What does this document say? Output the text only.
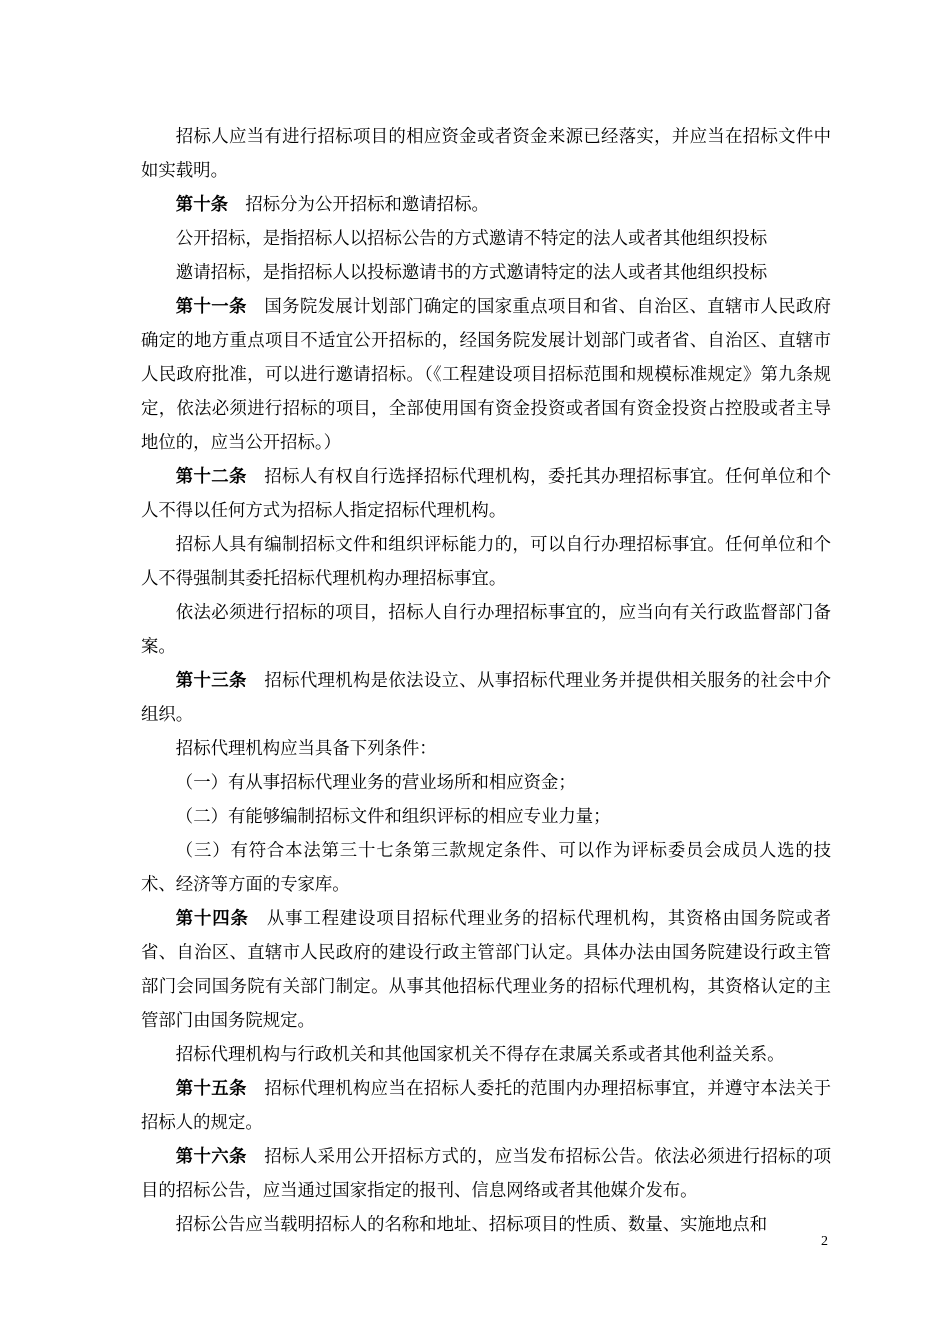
招标人应当有进行招标项目的相应资金或者资金来源已经落实，并应当在招标文件中如实载明。

第十条 招标分为公开招标和邀请招标。

公开招标，是指招标人以招标公告的方式邀请不特定的法人或者其他组织投标

邀请招标，是指招标人以投标邀请书的方式邀请特定的法人或者其他组织投标

第十一条 国务院发展计划部门确定的国家重点项目和省、自治区、直辖市人民政府确定的地方重点项目不适宜公开招标的，经国务院发展计划部门或者省、自治区、直辖市人民政府批准，可以进行邀请招标。（《工程建设项目招标范围和规模标准规定》第九条规定，依法必须进行招标的项目，全部使用国有资金投资或者国有资金投资占控股或者主导地位的，应当公开招标。）

第十二条 招标人有权自行选择招标代理机构，委托其办理招标事宜。任何单位和个人不得以任何方式为招标人指定招标代理机构。

招标人具有编制招标文件和组织评标能力的，可以自行办理招标事宜。任何单位和个人不得强制其委托招标代理机构办理招标事宜。

依法必须进行招标的项目，招标人自行办理招标事宜的，应当向有关行政监督部门备案。

第十三条 招标代理机构是依法设立、从事招标代理业务并提供相关服务的社会中介组织。

招标代理机构应当具备下列条件：

（一）有从事招标代理业务的营业场所和相应资金；

（二）有能够编制招标文件和组织评标的相应专业力量；

（三）有符合本法第三十七条第三款规定条件、可以作为评标委员会成员人选的技术、经济等方面的专家库。

第十四条 从事工程建设项目招标代理业务的招标代理机构，其资格由国务院或者省、自治区、直辖市人民政府的建设行政主管部门认定。具体办法由国务院建设行政主管部门会同国务院有关部门制定。从事其他招标代理业务的招标代理机构，其资格认定的主管部门由国务院规定。

招标代理机构与行政机关和其他国家机关不得存在隶属关系或者其他利益关系。

第十五条 招标代理机构应当在招标人委托的范围内办理招标事宜，并遵守本法关于招标人的规定。

第十六条 招标人采用公开招标方式的，应当发布招标公告。依法必须进行招标的项目的招标公告，应当通过国家指定的报刊、信息网络或者其他媒介发布。

招标公告应当载明招标人的名称和地址、招标项目的性质、数量、实施地点和

2
